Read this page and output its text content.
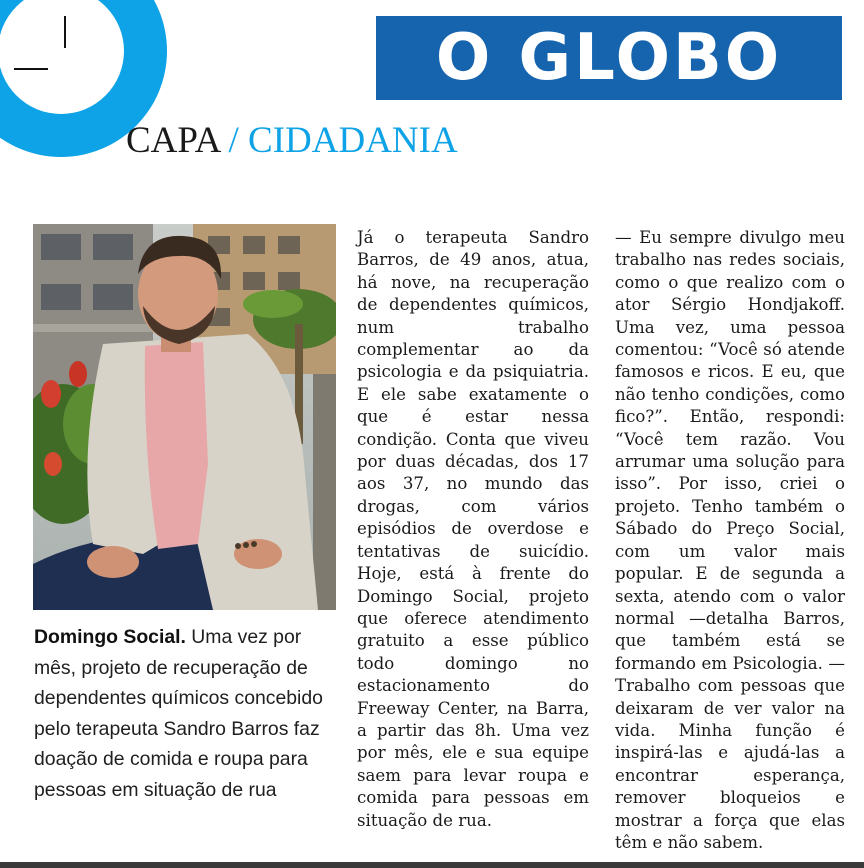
O GLOBO
CAPA / CIDADANIA
Domingo Social. Uma vez por mês, projeto de recuperação de dependentes químicos concebido pelo terapeuta Sandro Barros faz doação de comida e roupa para pessoas em situação de rua
Já o terapeuta Sandro Barros, de 49 anos, atua, há nove, na recuperação de dependentes químicos, num trabalho complementar ao da psicologia e da psiquiatria. E ele sabe exatamente o que é estar nessa condição. Conta que viveu por duas décadas, dos 17 aos 37, no mundo das drogas, com vários episódios de overdose e tentativas de suicídio. Hoje, está à frente do Domingo Social, projeto que oferece atendimento gratuito a esse público todo domingo no estacionamento do Freeway Center, na Barra, a partir das 8h. Uma vez por mês, ele e sua equipe saem para levar roupa e comida para pessoas em situação de rua.
— Eu sempre divulgo meu trabalho nas redes sociais, como o que realizo com o ator Sérgio Hondjakoff. Uma vez, uma pessoa comentou: “Você só atende famosos e ricos. E eu, que não tenho condições, como fico?”. Então, respondi: “Você tem razão. Vou arrumar uma solução para isso”. Por isso, criei o projeto. Tenho também o Sábado do Preço Social, com um valor mais popular. E de segunda a sexta, atendo com o valor normal —detalha Barros, que também está se formando em Psicologia. — Trabalho com pessoas que deixaram de ver valor na vida. Minha função é inspirá-las e ajudá-las a encontrar esperança, remover bloqueios e mostrar a força que elas têm e não sabem.
